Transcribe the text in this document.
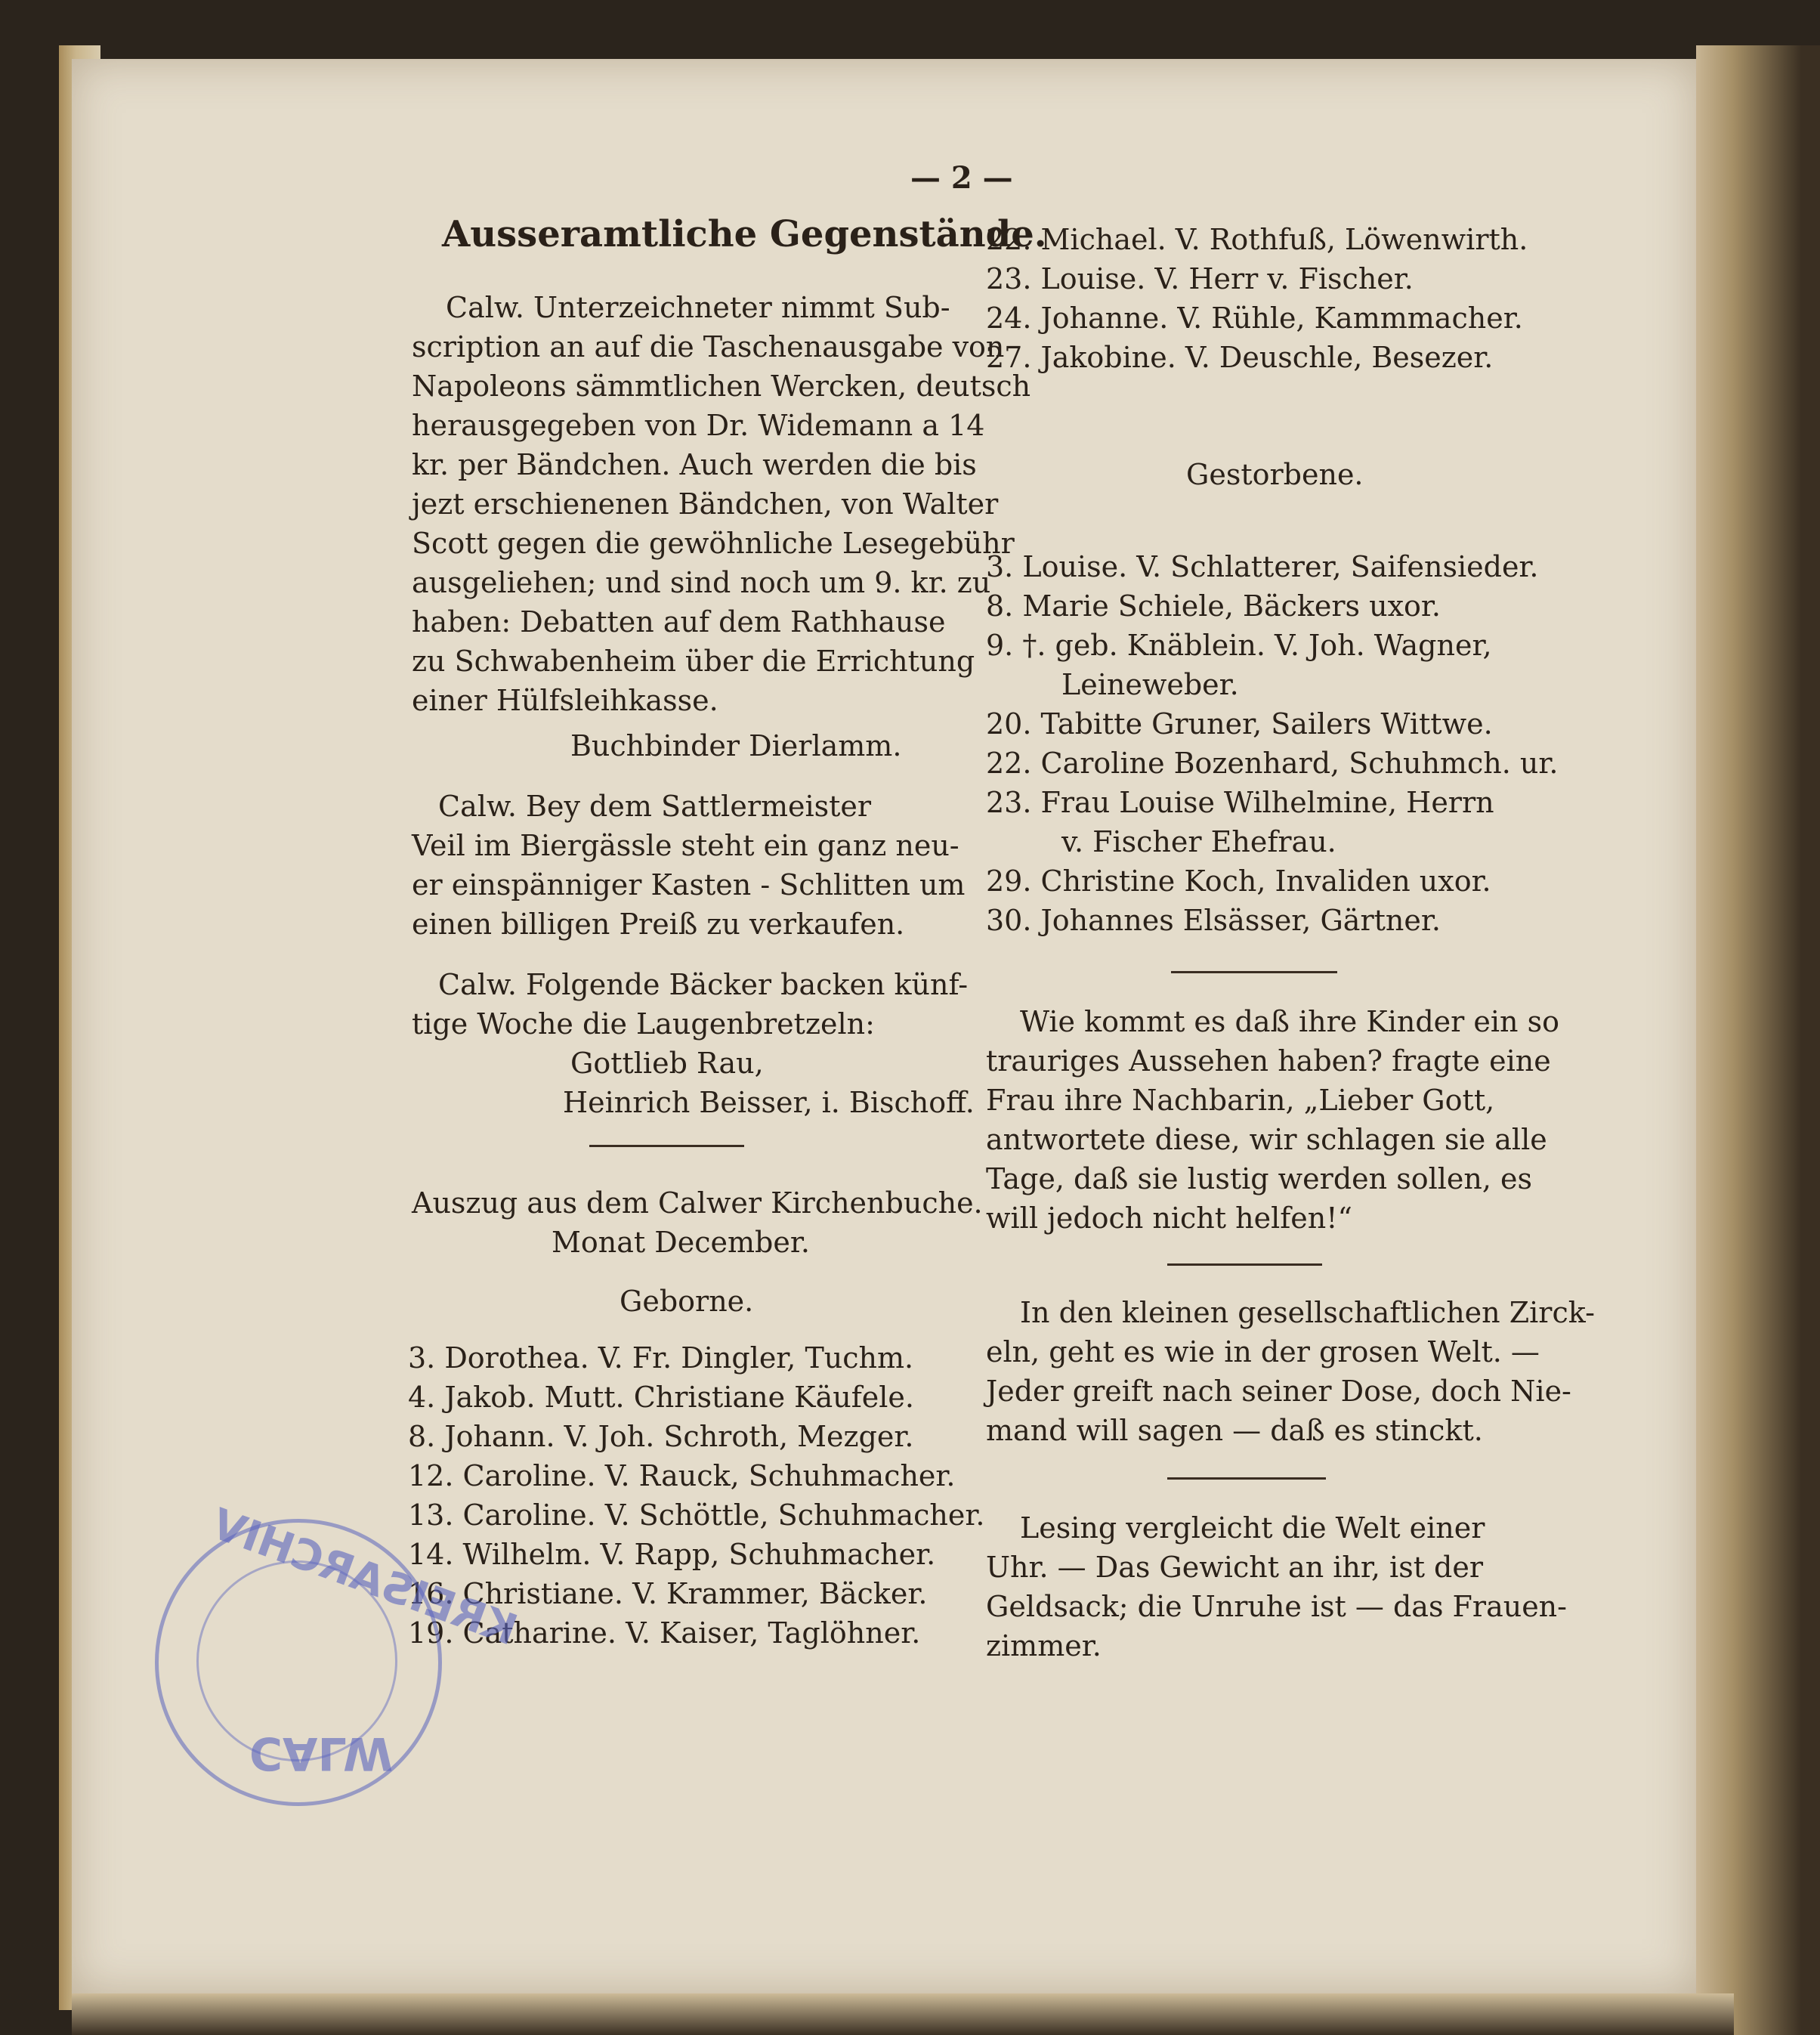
— 2 —
Ausseramtliche Gegenstände.
Calw. Unterzeichneter nimmt Sub-
scription an auf die Taschenausgabe von
Napoleons sämmtlichen Wercken, deutsch
herausgegeben von Dr. Widemann a 14
kr. per Bändchen. Auch werden die bis
jezt erschienenen Bändchen, von Walter
Scott gegen die gewöhnliche Lesegebühr
ausgeliehen; und sind noch um 9. kr. zu
haben: Debatten auf dem Rathhause
zu Schwabenheim über die Errichtung
einer Hülfsleihkasse.
Buchbinder Dierlamm.
Calw. Bey dem Sattlermeister
Veil im Biergässle steht ein ganz neu-
er einspänniger Kasten - Schlitten um
einen billigen Preiß zu verkaufen.
Calw. Folgende Bäcker backen künf-
tige Woche die Laugenbretzeln:
Gottlieb Rau,
Heinrich Beisser, i. Bischoff.
Auszug aus dem Calwer Kirchenbuche.
Monat December.
Geborne.
3. Dorothea. V. Fr. Dingler, Tuchm.
4. Jakob. Mutt. Christiane Käufele.
8. Johann. V. Joh. Schroth, Mezger.
12. Caroline. V. Rauck, Schuhmacher.
13. Caroline. V. Schöttle, Schuhmacher.
14. Wilhelm. V. Rapp, Schuhmacher.
16. Christiane. V. Krammer, Bäcker.
19. Catharine. V. Kaiser, Taglöhner.
22. Michael. V. Rothfuß, Löwenwirth.
23. Louise. V. Herr v. Fischer.
24. Johanne. V. Rühle, Kammmacher.
27. Jakobine. V. Deuschle, Besezer.
Gestorbene.
3. Louise. V. Schlatterer, Saifensieder.
8. Marie Schiele, Bäckers uxor.
9. †. geb. Knäblein. V. Joh. Wagner,
Leineweber.
20. Tabitte Gruner, Sailers Wittwe.
22. Caroline Bozenhard, Schuhmch. ur.
23. Frau Louise Wilhelmine, Herrn
v. Fischer Ehefrau.
29. Christine Koch, Invaliden uxor.
30. Johannes Elsässer, Gärtner.
Wie kommt es daß ihre Kinder ein so
trauriges Aussehen haben? fragte eine
Frau ihre Nachbarin, „Lieber Gott,
antwortete diese, wir schlagen sie alle
Tage, daß sie lustig werden sollen, es
will jedoch nicht helfen!“
In den kleinen gesellschaftlichen Zirck-
eln, geht es wie in der grosen Welt. —
Jeder greift nach seiner Dose, doch Nie-
mand will sagen — daß es stinckt.
Lesing vergleicht die Welt einer
Uhr. — Das Gewicht an ihr, ist der
Geldsack; die Unruhe ist — das Frauen-
zimmer.
KREISARCHIV
CALW
